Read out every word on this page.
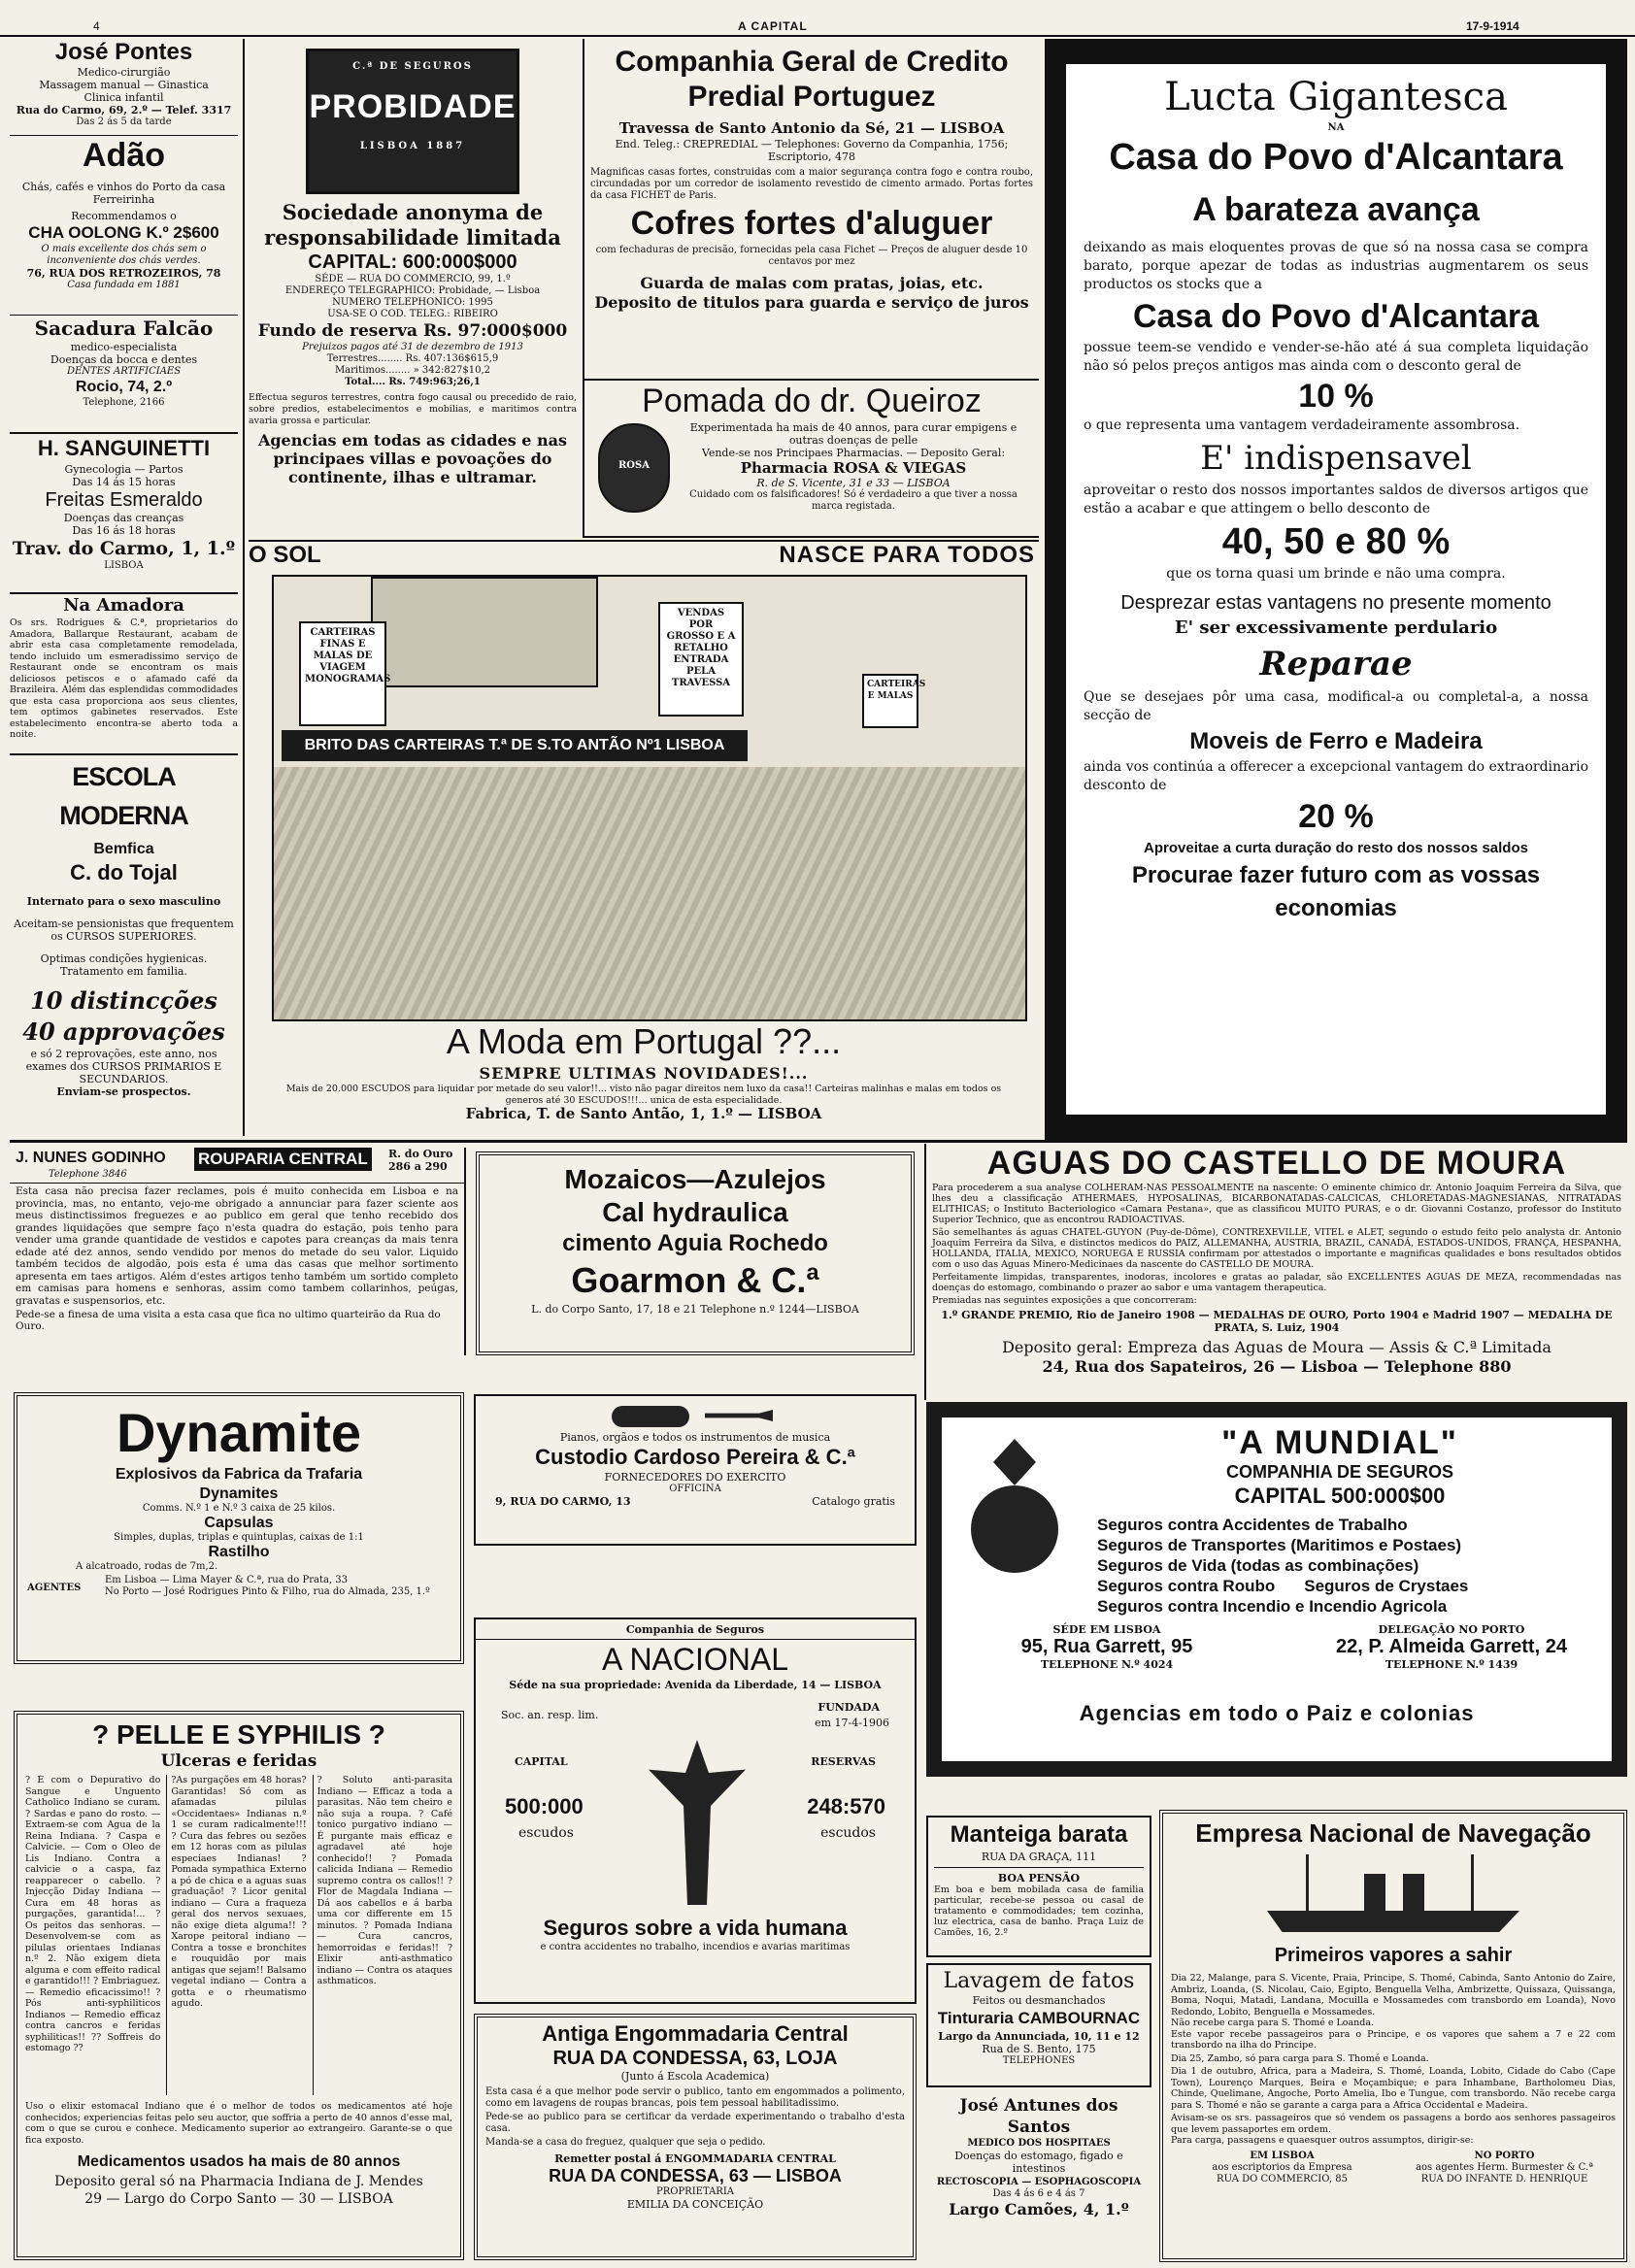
4	A CAPITAL	17-9-1914
José Pontes
Medico-cirurgião
Massagem manual — Ginastica
Clinica infantil
Rua do Carmo, 69, 2.º — Telef. 3317
Das 2 ás 5 da tarde
Adão
Chás, cafés e vinhos do Porto da casa Ferreirinha
Recommendamos o
CHA OOLONG K.º 2$600
O mais excellente dos chás sem o inconveniente dos chás verdes.
76, RUA DOS RETROZEIROS, 78
Casa fundada em 1881
Sacadura Falcão
medico-especialista
Doenças da bocca e dentes
DENTES ARTIFICIAES
Rocio, 74, 2.º
Telephone, 2166
H. SANGUINETTI
Gynecologia — Partos
Das 14 ás 15 horas
Freitas Esmeraldo
Doenças das creanças
Das 16 ás 18 horas
Trav. do Carmo, 1, 1.º
LISBOA
Na Amadora
Os srs. Rodrigues & C.ª, proprietarios do Amadora, Ballarque Restaurant, acabam de abrir esta casa completamente remodelada, tendo incluido um esmeradissimo serviço de Restaurant onde se encontram os mais deliciosos petiscos e o afamado café da Brazileira. Além das esplendidas commodidades que esta casa proporciona aos seus clientes, tem optimos gabinetes reservados. Este estabelecimento encontra-se aberto toda a noite.
ESCOLA MODERNA
Bemfica
C. do Tojal
Internato para o sexo masculino
Aceitam-se pensionistas que frequentem os CURSOS SUPERIORES.
Optimas condições hygienicas. Tratamento em familia.
10 distincções
40 approvações
e só 2 reprovações, este anno, nos exames dos CURSOS PRIMARIOS E SECUNDARIOS.
Enviam-se prospectos.
C.ª DE SEGUROS
PROBIDADE
LISBOA 1887
Sociedade anonyma de responsabilidade limitada
CAPITAL: 600:000$000
SÉDE — RUA DO COMMERCIO, 99, 1.º
ENDEREÇO TELEGRAPHICO: Probidade, — Lisboa
NUMERO TELEPHONICO: 1995
USA-SE O COD. TELEG.: RIBEIRO
Fundo de reserva Rs. 97:000$000
Prejuizos pagos até 31 de dezembro de 1913
Terrestres........ Rs. 407:136$615,9
Maritimos........ » 342:827$10,2
Total.... Rs. 749:963;26,1
Effectua seguros terrestres, contra fogo causal ou precedido de raio, sobre predios, estabelecimentos e mobilias, e maritimos contra avaria grossa e particular.
Agencias em todas as cidades e nas principaes villas e povoações do continente, ilhas e ultramar.
Companhia Geral de Credito Predial Portuguez
Travessa de Santo Antonio da Sé, 21 — LISBOA
End. Teleg.: CREPREDIAL — Telephones: Governo da Companhia, 1756; Escriptorio, 478
Magnificas casas fortes, construidas com a maior segurança contra fogo e contra roubo, circundadas por um corredor de isolamento revestido de cimento armado. Portas fortes da casa FICHET de Paris.
Cofres fortes d'aluguer
com fechaduras de precisão, fornecidas pela casa Fichet — Preços de aluguer desde 10 centavos por mez
Guarda de malas com pratas, joias, etc.
Deposito de titulos para guarda e serviço de juros
Pomada do dr. Queiroz
ROSA
Experimentada ha mais de 40 annos, para curar empigens e outras doenças de pelle
Vende-se nos Principaes Pharmacias. — Deposito Geral:
Pharmacia ROSA & VIEGAS
R. de S. Vicente, 31 e 33 — LISBOA
Cuidado com os falsificadores! Só é verdadeiro a que tiver a nossa marca registada.
O SOL	NASCE PARA TODOS
CARTEIRAS FINAS E MALAS DE VIAGEM MONOGRAMAS
VENDAS POR GROSSO E A RETALHO ENTRADA PELA TRAVESSA	CARTEIRAS E MALAS
BRITO DAS CARTEIRAS T.ª DE S.TO ANTÃO Nº1 LISBOA
A Moda em Portugal ??...
SEMPRE ULTIMAS NOVIDADES!...
Mais de 20.000 ESCUDOS para liquidar por metade do seu valor!!... visto não pagar direitos nem luxo da casa!! Carteiras malinhas e malas em todos os generos até 30 ESCUDOS!!!... unica de esta especialidade.
Fabrica, T. de Santo Antão, 1, 1.º — LISBOA
Lucta Gigantesca
NA
Casa do Povo d'Alcantara
A barateza avança
deixando as mais eloquentes provas de que só na nossa casa se compra barato, porque apezar de todas as industrias augmentarem os seus productos os stocks que a
Casa do Povo d'Alcantara
possue teem-se vendido e vender-se-hão até á sua completa liquidação não só pelos preços antigos mas ainda com o desconto geral de
10 %
o que representa uma vantagem verdadeiramente assombrosa.
E' indispensavel
aproveitar o resto dos nossos importantes saldos de diversos artigos que estão a acabar e que attingem o bello desconto de
40, 50 e 80 %
que os torna quasi um brinde e não uma compra.
Desprezar estas vantagens no presente momento
E' ser excessivamente perdulario
Reparae
Que se desejaes pôr uma casa, modifical-a ou completal-a, a nossa secção de
Moveis de Ferro e Madeira
ainda vos continúa a offerecer a excepcional vantagem do extraordinario desconto de
20 %
Aproveitae a curta duração do resto dos nossos saldos
Procurae fazer futuro com as vossas economias
J. NUNES GODINHO ROUPARIA CENTRAL	R. do Ouro 286 a 290
Telephone 3846
Esta casa não precisa fazer reclames, pois é muito conhecida em Lisboa e na provincia, mas, no entanto, vejo-me obrigado a annunciar para fazer sciente aos meus distinctissimos freguezes e ao publico em geral que tenho recebido dos grandes liquidações que sempre faço n'esta quadra do estação, pois tenho para vender uma grande quantidade de vestidos e capotes para creanças da mais tenra edade até dez annos, sendo vendido por menos do metade do seu valor. Liquido também tecidos de algodão, pois esta é uma das casas que melhor sortimento apresenta em taes artigos. Além d'estes artigos tenho também um sortido completo em camisas para homens e senhoras, assim como tambem collarinhos, peúgas, gravatas e suspensorios, etc.
Pede-se a finesa de uma visita a esta casa que fica no ultimo quarteirão da Rua do Ouro.
Mozaicos—Azulejos
Cal hydraulica
cimento Aguia Rochedo
Goarmon & C.ª
L. do Corpo Santo, 17, 18 e 21 Telephone n.º 1244—LISBOA
AGUAS DO CASTELLO DE MOURA
Para procederem a sua analyse COLHERAM-NAS PESSOALMENTE na nascente: O eminente chimico dr. Antonio Joaquim Ferreira da Silva, que lhes deu a classificação ATHERMAES, HYPOSALINAS, BICARBONATADAS-CALCICAS, CHLORETADAS-MAGNESIANAS, NITRATADAS ELITHICAS; o Instituto Bacteriologico «Camara Pestana», que as classificou MUITO PURAS, e o dr. Giovanni Costanzo, professor do Instituto Superior Technico, que as encontrou RADIOACTIVAS.
São semelhantes ás aguas CHATEL-GUYON (Puy-de-Dôme), CONTREXEVILLE, VITEL e ALET, segundo o estudo feito pelo analysta dr. Antonio Joaquim Ferreira da Silva, e distinctos medicos do PAIZ, ALLEMANHA, AUSTRIA, BRAZIL, CANADÁ, ESTADOS-UNIDOS, FRANÇA, HESPANHA, HOLLANDA, ITALIA, MEXICO, NORUEGA E RUSSIA confirmam por attestados o importante e magnificas qualidades e bons resultados obtidos com o uso das Aguas Minero-Medicinaes da nascente do CASTELLO DE MOURA.
Perfeitamente limpidas, transparentes, inodoras, incolores e gratas ao paladar, são EXCELLENTES AGUAS DE MEZA, recommendadas nas doenças do estomago, combinando o prazer ao sabor e uma vantagem therapeutica.
Premiadas nas seguintes exposições a que concorreram:
1.º GRANDE PREMIO, Rio de Janeiro 1908 — MEDALHAS DE OURO, Porto 1904 e Madrid 1907 — MEDALHA DE PRATA, S. Luiz, 1904
Deposito geral: Empreza das Aguas de Moura — Assis & C.ª Limitada
24, Rua dos Sapateiros, 26 — Lisboa — Telephone 880
Dynamite
Explosivos da Fabrica da Trafaria
Dynamites
Comms. N.º 1 e N.º 3 caixa de 25 kilos.
Capsulas
Simples, duplas, triplas e quintuplas, caixas de 1:1
Rastilho
A alcatroado, rodas de 7m,2.
AGENTES
Em Lisboa — Lima Mayer & C.ª, rua do Prata, 33
No Porto — José Rodrigues Pinto & Filho, rua do Almada, 235, 1.º
Pianos, orgãos e todos os instrumentos de musica
Custodio Cardoso Pereira & C.ª
FORNECEDORES DO EXERCITO
OFFICINA
9, RUA DO CARMO, 13	Catalogo gratis
"A MUNDIAL"
COMPANHIA DE SEGUROS
CAPITAL 500:000$00
Seguros contra Accidentes de Trabalho
Seguros de Transportes (Maritimos e Postaes)
Seguros de Vida (todas as combinações)
Seguros contra Roubo Seguros de Crystaes
Seguros contra Incendio e Incendio Agricola
SÉDE EM LISBOA
95, Rua Garrett, 95
TELEPHONE N.º 4024
DELEGAÇÃO NO PORTO
22, P. Almeida Garrett, 24
TELEPHONE N.º 1439
Agencias em todo o Paiz e colonias
Companhia de Seguros
A NACIONAL
Séde na sua propriedade: Avenida da Liberdade, 14 — LISBOA
Soc. an. resp. lim.
FUNDADA
em 17-4-1906
CAPITAL
500:000
escudos
RESERVAS
248:570
escudos
Seguros sobre a vida humana
e contra accidentes no trabalho, incendios e avarias maritimas
? PELLE E SYPHILIS ?
Ulceras e feridas
? É com o Depurativo do Sangue e Unguento Catholico Indiano se curam. ? Sardas e pano do rosto. — Extraem-se com Agua de la Reina Indiana. ? Caspa e Calvicie. — Com o Oleo de Lis Indiano. Contra a calvicie o a caspa, faz reapparecer o cabello. ? Injecção Diday Indiana — Cura em 48 horas as purgações, garantida!... ? Os peitos das senhoras. — Desenvolvem-se com as pilulas orientaes Indianas n.º 2. Não exigem dieta alguma e com effeito radical e garantido!!! ? Embriaguez. — Remedio eficacissimo!! ? Pós anti-syphiliticos Indianos — Remedio efficaz contra cancros e feridas syphiliticas!! ?? Soffreis do estomago ??
?As purgações em 48 horas? Garantidas! Só com as afamadas pilulas «Occidentaes» Indianas n.º 1 se curam radicalmente!!! ? Cura das febres ou sezões em 12 horas com as pilulas especiaes Indianas! ? Pomada sympathica Externo a pó de chica e a aguas suas graduação! ? Licor genital indiano — Cura a fraqueza geral dos nervos sexuaes, não exige dieta alguma!! ? Xarope peitoral indiano — Contra a tosse e bronchites e rouquidão por mais antigas que sejam!! Balsamo vegetal indiano — Contra a gotta e o rheumatismo agudo.
? Soluto anti-parasita Indiano — Efficaz a toda a parasitas. Não tem cheiro e não suja a roupa. ? Café tonico purgativo indiano — É purgante mais efficaz e agradavel até hoje conhecido!! ? Pomada calicida Indiana — Remedio supremo contra os callos!! ? Flor de Magdala Indiana — Dá aos cabellos e á barba uma cor differente em 15 minutos. ? Pomada Indiana — Cura cancros, hemorroidas e feridas!! ? Elixir anti-asthmatico indiano — Contra os ataques asthmaticos.
Uso o elixir estomacal Indiano que é o melhor de todos os medicamentos até hoje conhecidos; experiencias feitas pelo seu auctor, que soffria a perto de 40 annos d'esse mal, com o que se curou e conhece. Medicamento superior ao extrangeiro. Garante-se o que fica exposto.
Medicamentos usados ha mais de 80 annos
Deposito geral só na Pharmacia Indiana de J. Mendes
29 — Largo do Corpo Santo — 30 — LISBOA
Antiga Engommadaria Central
RUA DA CONDESSA, 63, LOJA
(Junto á Escola Academica)
Esta casa é a que melhor pode servir o publico, tanto em engommados a polimento, como em lavagens de roupas brancas, pois tem pessoal habilitadissimo.
Pede-se ao publico para se certificar da verdade experimentando o trabalho d'esta casa.
Manda-se a casa do freguez, qualquer que seja o pedido.
Remetter postal á ENGOMMADARIA CENTRAL
RUA DA CONDESSA, 63 — LISBOA
PROPRIETARIA
EMILIA DA CONCEIÇÃO
Manteiga barata
RUA DA GRAÇA, 111
BOA PENSÃO
Em boa e bem mobilada casa de familia particular, recebe-se pessoa ou casal de tratamento e commodidades; tem cozinha, luz electrica, casa de banho. Praça Luiz de Camões, 16, 2.º
Lavagem de fatos
Feitos ou desmanchados
Tinturaria CAMBOURNAC
Largo da Annunciada, 10, 11 e 12
Rua de S. Bento, 175
TELEPHONES
José Antunes dos Santos
MEDICO DOS HOSPITAES
Doenças do estomago, figado e intestinos
RECTOSCOPIA — ESOPHAGOSCOPIA
Das 4 ás 6 e 4 ás 7
Largo Camões, 4, 1.º
Empresa Nacional de Navegação
Primeiros vapores a sahir
Dia 22, Malange, para S. Vicente, Praia, Principe, S. Thomé, Cabinda, Santo Antonio do Zaire, Ambriz, Loanda, (S. Nicolau, Caio, Egipto, Benguella Velha, Ambrizette, Quissaza, Quissanga, Boma, Noqui, Matadi, Landana, Mocuilla e Mossamedes com transbordo em Loanda), Novo Redondo, Lobito, Benguella e Mossamedes.
Não recebe carga para S. Thomé e Loanda.
Este vapor recebe passageiros para o Principe, e os vapores que sahem a 7 e 22 com transbordo na ilha do Principe.
Dia 25, Zambo, só para carga para S. Thomé e Loanda.
Dia 1 de outubro, Africa, para a Madeira, S. Thomé, Loanda, Lobito, Cidade do Cabo (Cape Town), Lourenço Marques, Beira e Moçambique; e para Inhambane, Bartholomeu Dias, Chinde, Quelimane, Angoche, Porto Amelia, Ibo e Tungue, com transbordo. Não recebe carga para S. Thomé e não se garante a carga para a Africa Occidental e Madeira.
Avisam-se os srs. passageiros que só vendem os passagens a bordo aos senhores passageiros que levem passaportes em ordem.
Para carga, passagens e quaesquer outros assumptos, dirigir-se:
EM LISBOA
aos escriptorios da Empresa
RUA DO COMMERCIO, 85
NO PORTO
aos agentes Herm. Burmester & C.ª
RUA DO INFANTE D. HENRIQUE
